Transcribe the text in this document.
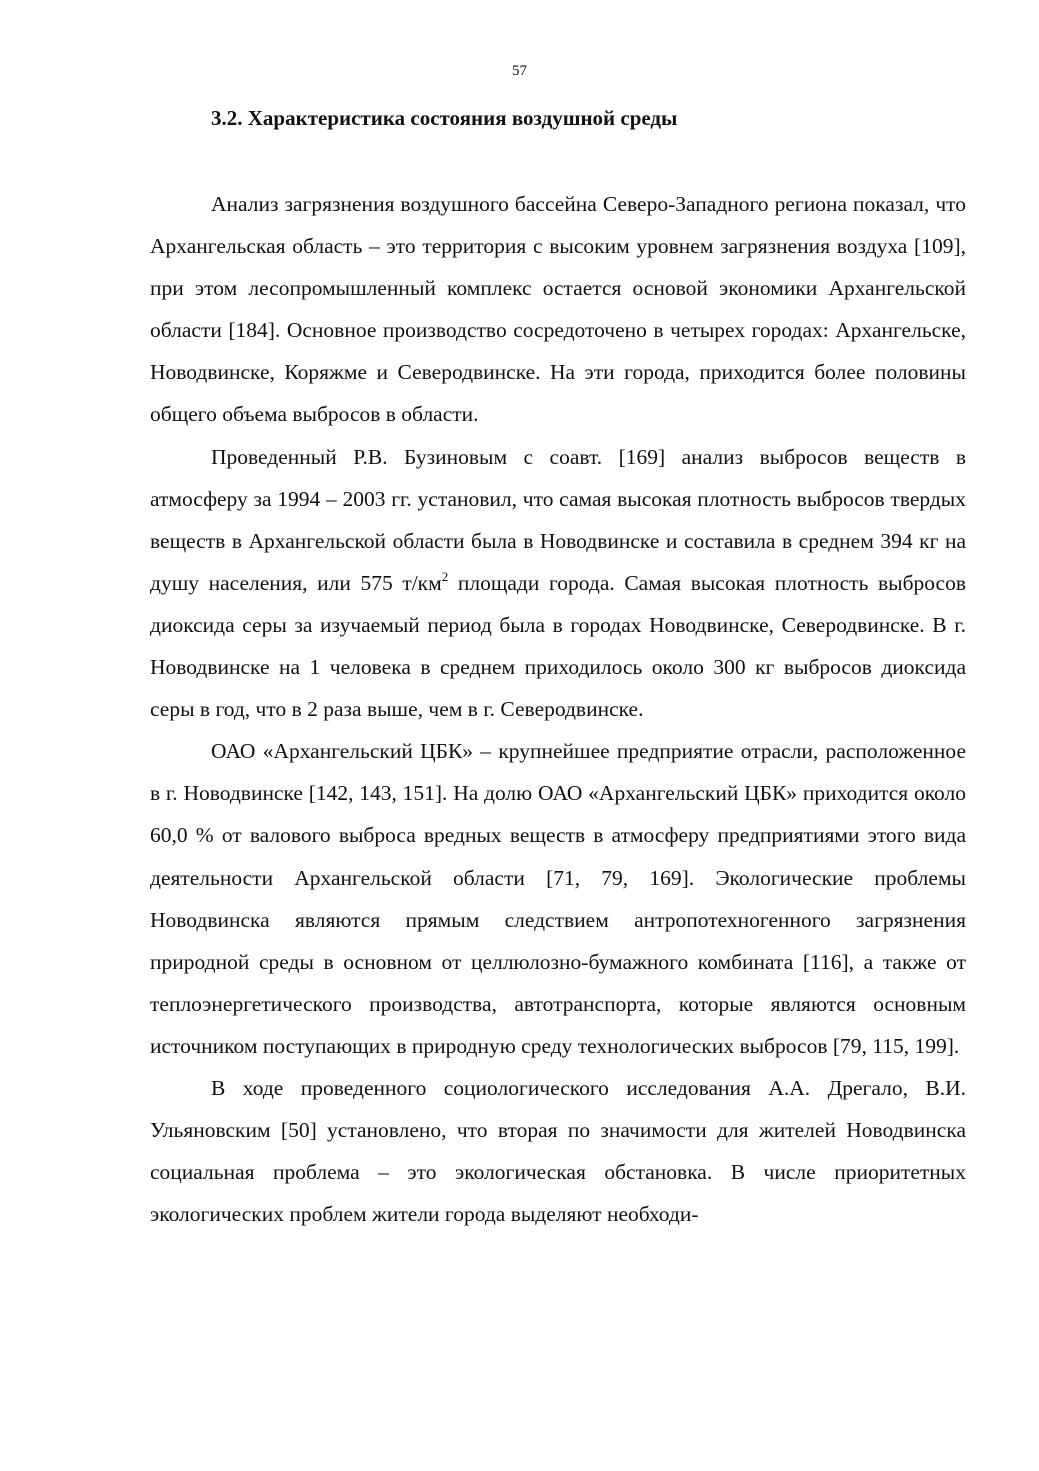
57
3.2. Характеристика состояния воздушной среды

Анализ загрязнения воздушного бассейна Северо-Западного региона показал, что Архангельская область – это территория с высоким уровнем загрязнения воздуха [109], при этом лесопромышленный комплекс остается основой экономики Архангельской области [184]. Основное производство сосредоточено в четырех городах: Архангельске, Новодвинске, Коряжме и Северодвинске. На эти города, приходится более половины общего объема выбросов в области.

Проведенный Р.В. Бузиновым с соавт. [169] анализ выбросов веществ в атмосферу за 1994 – 2003 гг. установил, что самая высокая плотность выбросов твердых веществ в Архангельской области была в Новодвинске и составила в среднем 394 кг на душу населения, или 575 $т/км^2$ площади города. Самая высокая плотность выбросов диоксида серы за изучаемый период была в городах Новодвинске, Северодвинске. В г. Новодвинске на 1 человека в среднем приходилось около 300 кг выбросов диоксида серы в год, что в 2 раза выше, чем в г. Северодвинске.

ОАО «Архангельский ЦБК» – крупнейшее предприятие отрасли, расположенное в г. Новодвинске [142, 143, 151]. На долю ОАО «Архангельский ЦБК» приходится около 60,0 % от валового выброса вредных веществ в атмосферу предприятиями этого вида деятельности Архангельской области [71, 79, 169]. Экологические проблемы Новодвинска являются прямым следствием антропотехногенного загрязнения природной среды в основном от целлюлозно-бумажного комбината [116], а также от теплоэнергетического производства, автотранспорта, которые являются основным источником поступающих в природную среду технологических выбросов [79, 115, 199].

В ходе проведенного социологического исследования А.А. Дрегало, В.И. Ульяновским [50] установлено, что вторая по значимости для жителей Новодвинска социальная проблема – это экологическая обстановка. В числе приоритетных экологических проблем жители города выделяют необходи-
